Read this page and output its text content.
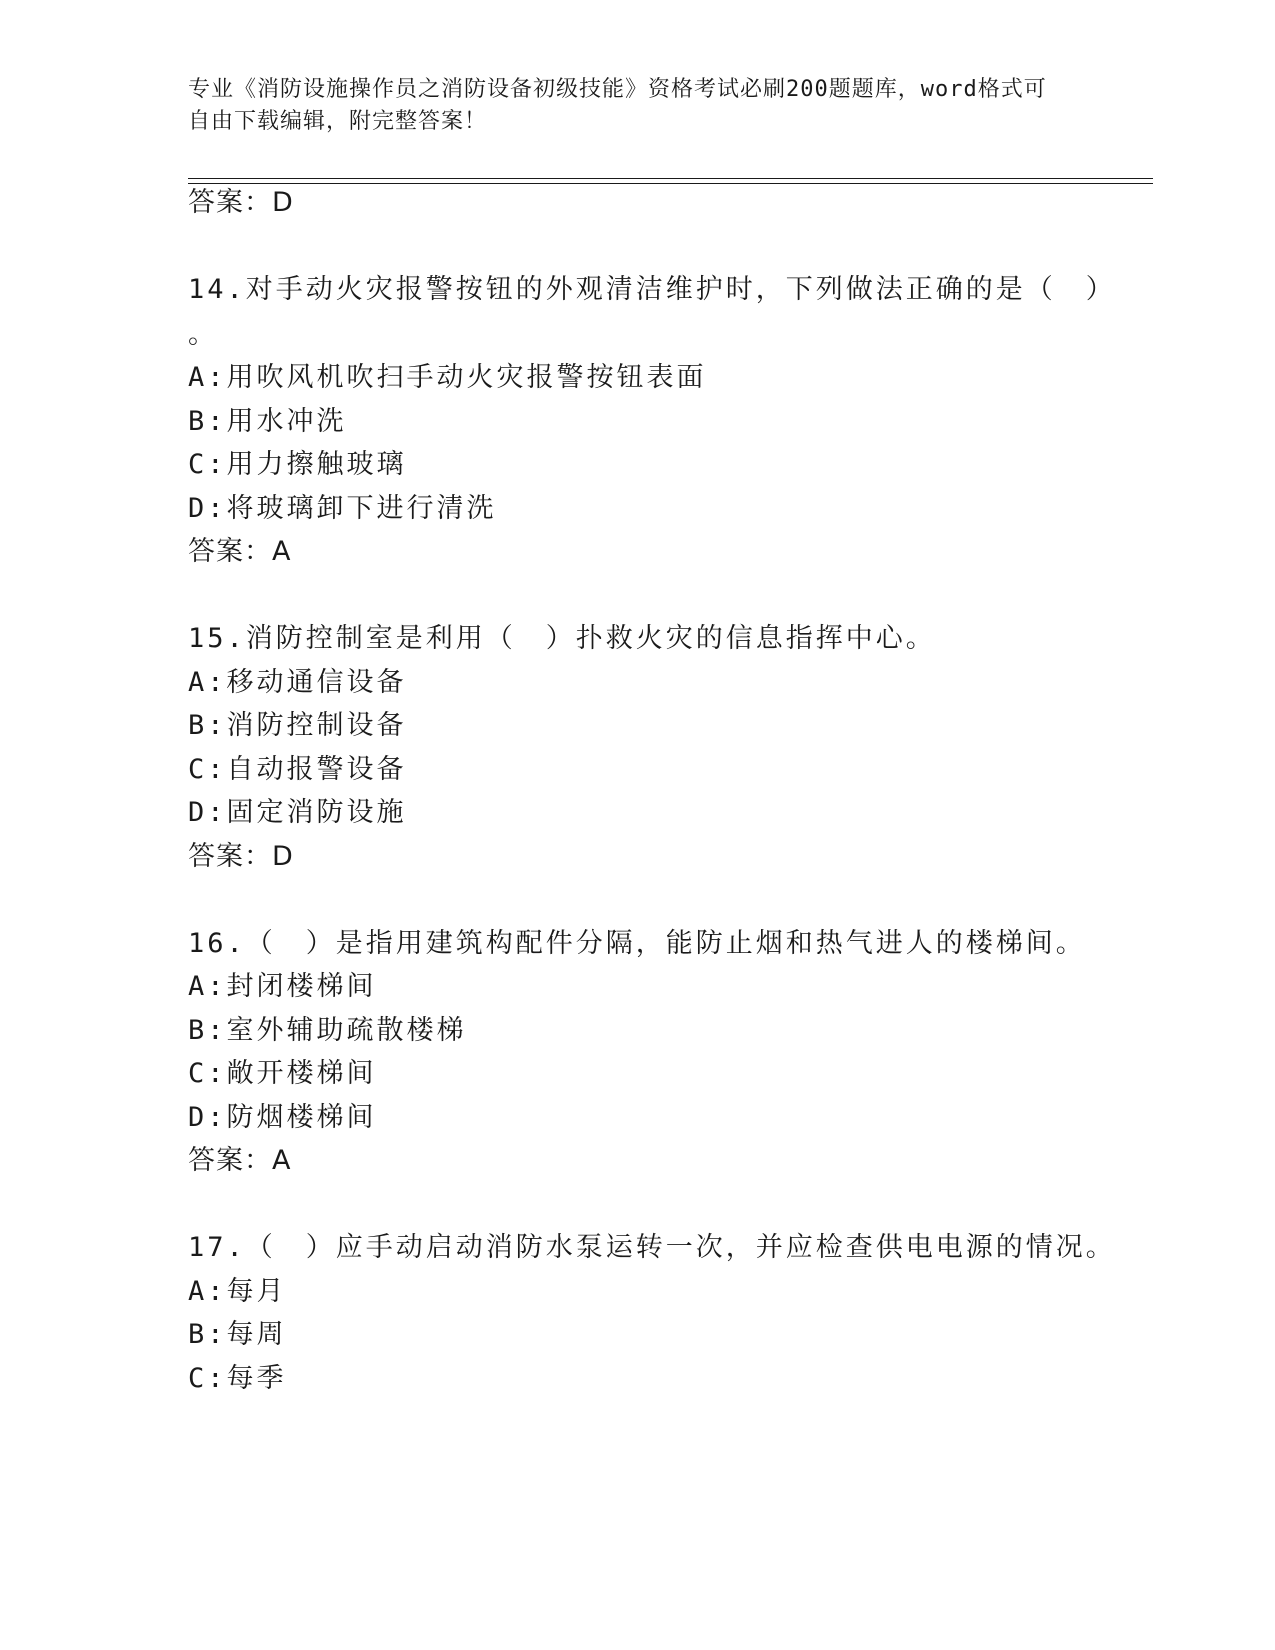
专业《消防设施操作员之消防设备初级技能》资格考试必刷200题题库，word格式可自由下载编辑，附完整答案！
答案：D
14.对手动火灾报警按钮的外观清洁维护时，下列做法正确的是（　）
。
A:用吹风机吹扫手动火灾报警按钮表面
B:用水冲洗
C:用力擦触玻璃
D:将玻璃卸下进行清洗
答案：A
15.消防控制室是利用（　）扑救火灾的信息指挥中心。
A:移动通信设备
B:消防控制设备
C:自动报警设备
D:固定消防设施
答案：D
16.（　）是指用建筑构配件分隔，能防止烟和热气进人的楼梯间。
A:封闭楼梯间
B:室外辅助疏散楼梯
C:敞开楼梯间
D:防烟楼梯间
答案：A
17.（　）应手动启动消防水泵运转一次，并应检查供电电源的情况。
A:每月
B:每周
C:每季
